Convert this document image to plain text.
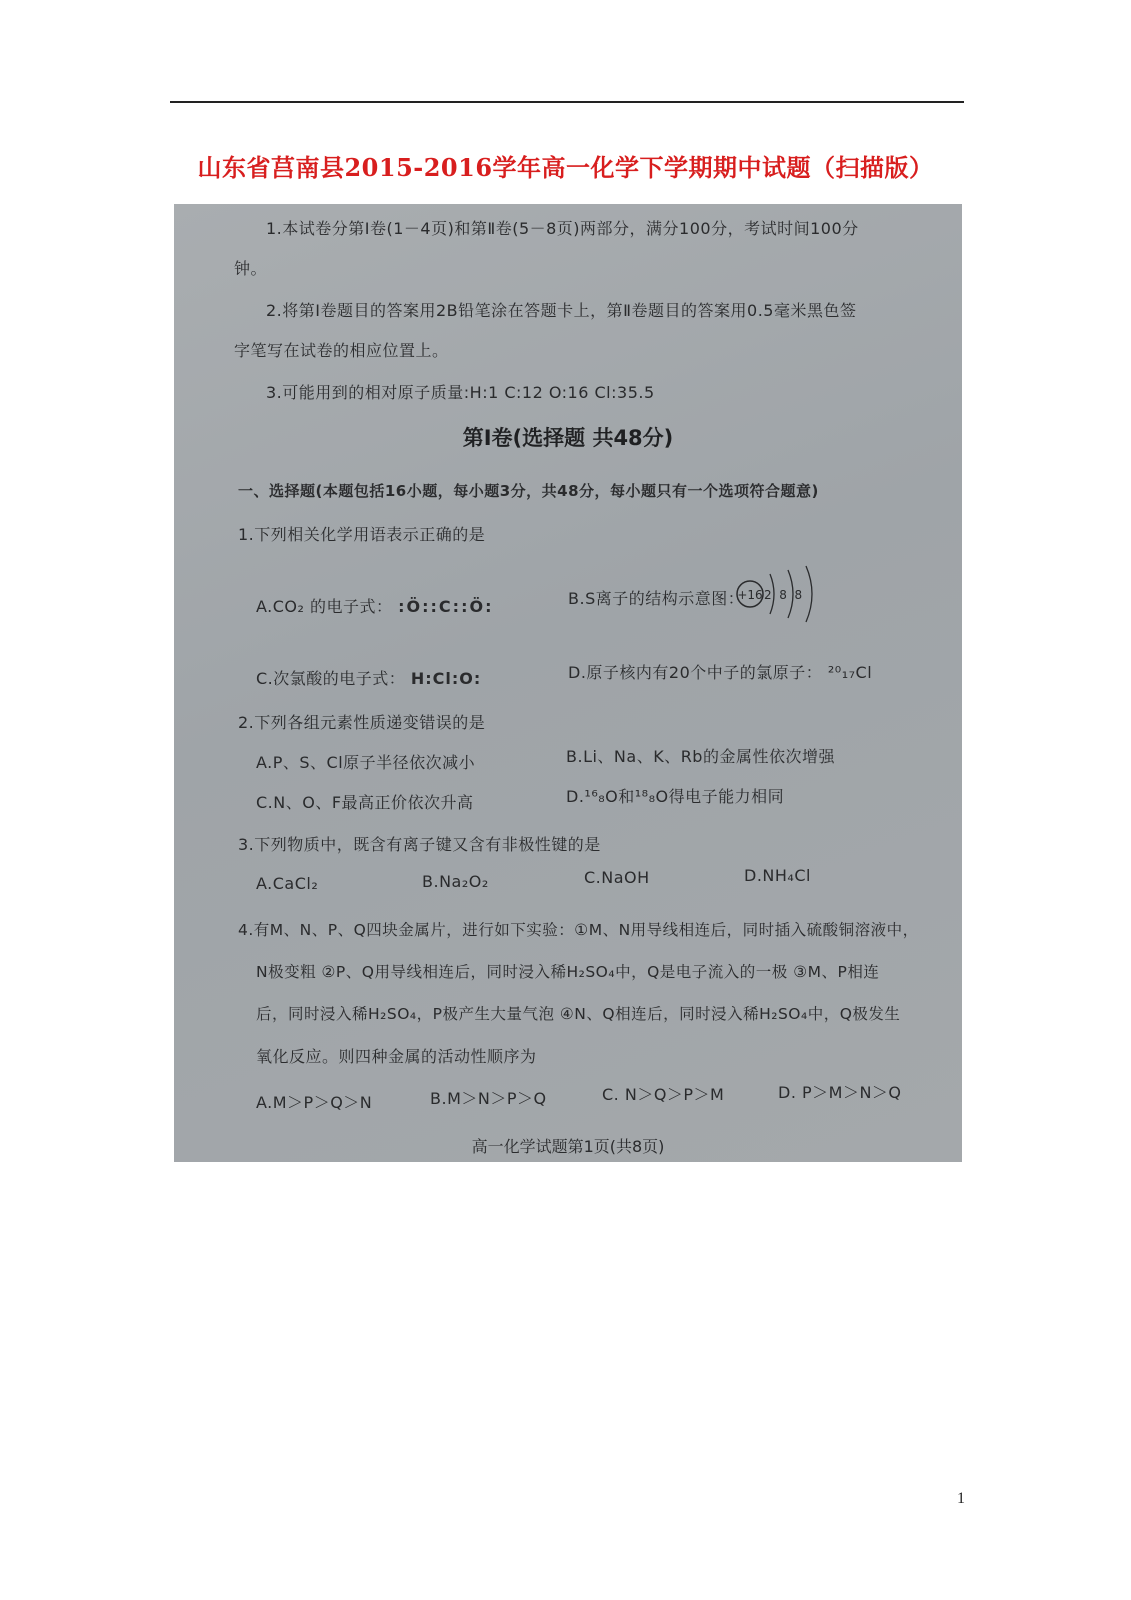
山东省莒南县2015-2016学年高一化学下学期期中试题（扫描版）
1.本试卷分第Ⅰ卷(1－4页)和第Ⅱ卷(5－8页)两部分，满分100分，考试时间100分
钟。
2.将第Ⅰ卷题目的答案用2B铅笔涂在答题卡上，第Ⅱ卷题目的答案用0.5毫米黑色签
字笔写在试卷的相应位置上。
3.可能用到的相对原子质量:H:1 C:12 O:16 Cl:35.5
第Ⅰ卷(选择题 共48分)
一、选择题(本题包括16小题，每小题3分，共48分，每小题只有一个选项符合题意)
1.下列相关化学用语表示正确的是
A.CO₂ 的电子式： :Ö::C::Ö:	B.S离子的结构示意图：
+16 2  8  8
C.次氯酸的电子式： H:Cl:O:	D.原子核内有20个中子的氯原子： ²⁰₁₇Cl
2.下列各组元素性质递变错误的是
A.P、S、Cl原子半径依次减小	B.Li、Na、K、Rb的金属性依次增强
C.N、O、F最高正价依次升高	D.¹⁶₈O和¹⁸₈O得电子能力相同
3.下列物质中，既含有离子键又含有非极性键的是
A.CaCl₂	B.Na₂O₂	C.NaOH	D.NH₄Cl
4.有M、N、P、Q四块金属片，进行如下实验：①M、N用导线相连后，同时插入硫酸铜溶液中，
N极变粗 ②P、Q用导线相连后，同时浸入稀H₂SO₄中，Q是电子流入的一极 ③M、P相连
后，同时浸入稀H₂SO₄，P极产生大量气泡 ④N、Q相连后，同时浸入稀H₂SO₄中，Q极发生
氧化反应。则四种金属的活动性顺序为
A.M＞P＞Q＞N	B.M＞N＞P＞Q	C. N＞Q＞P＞M	D. P＞M＞N＞Q
高一化学试题第1页(共8页)
1
